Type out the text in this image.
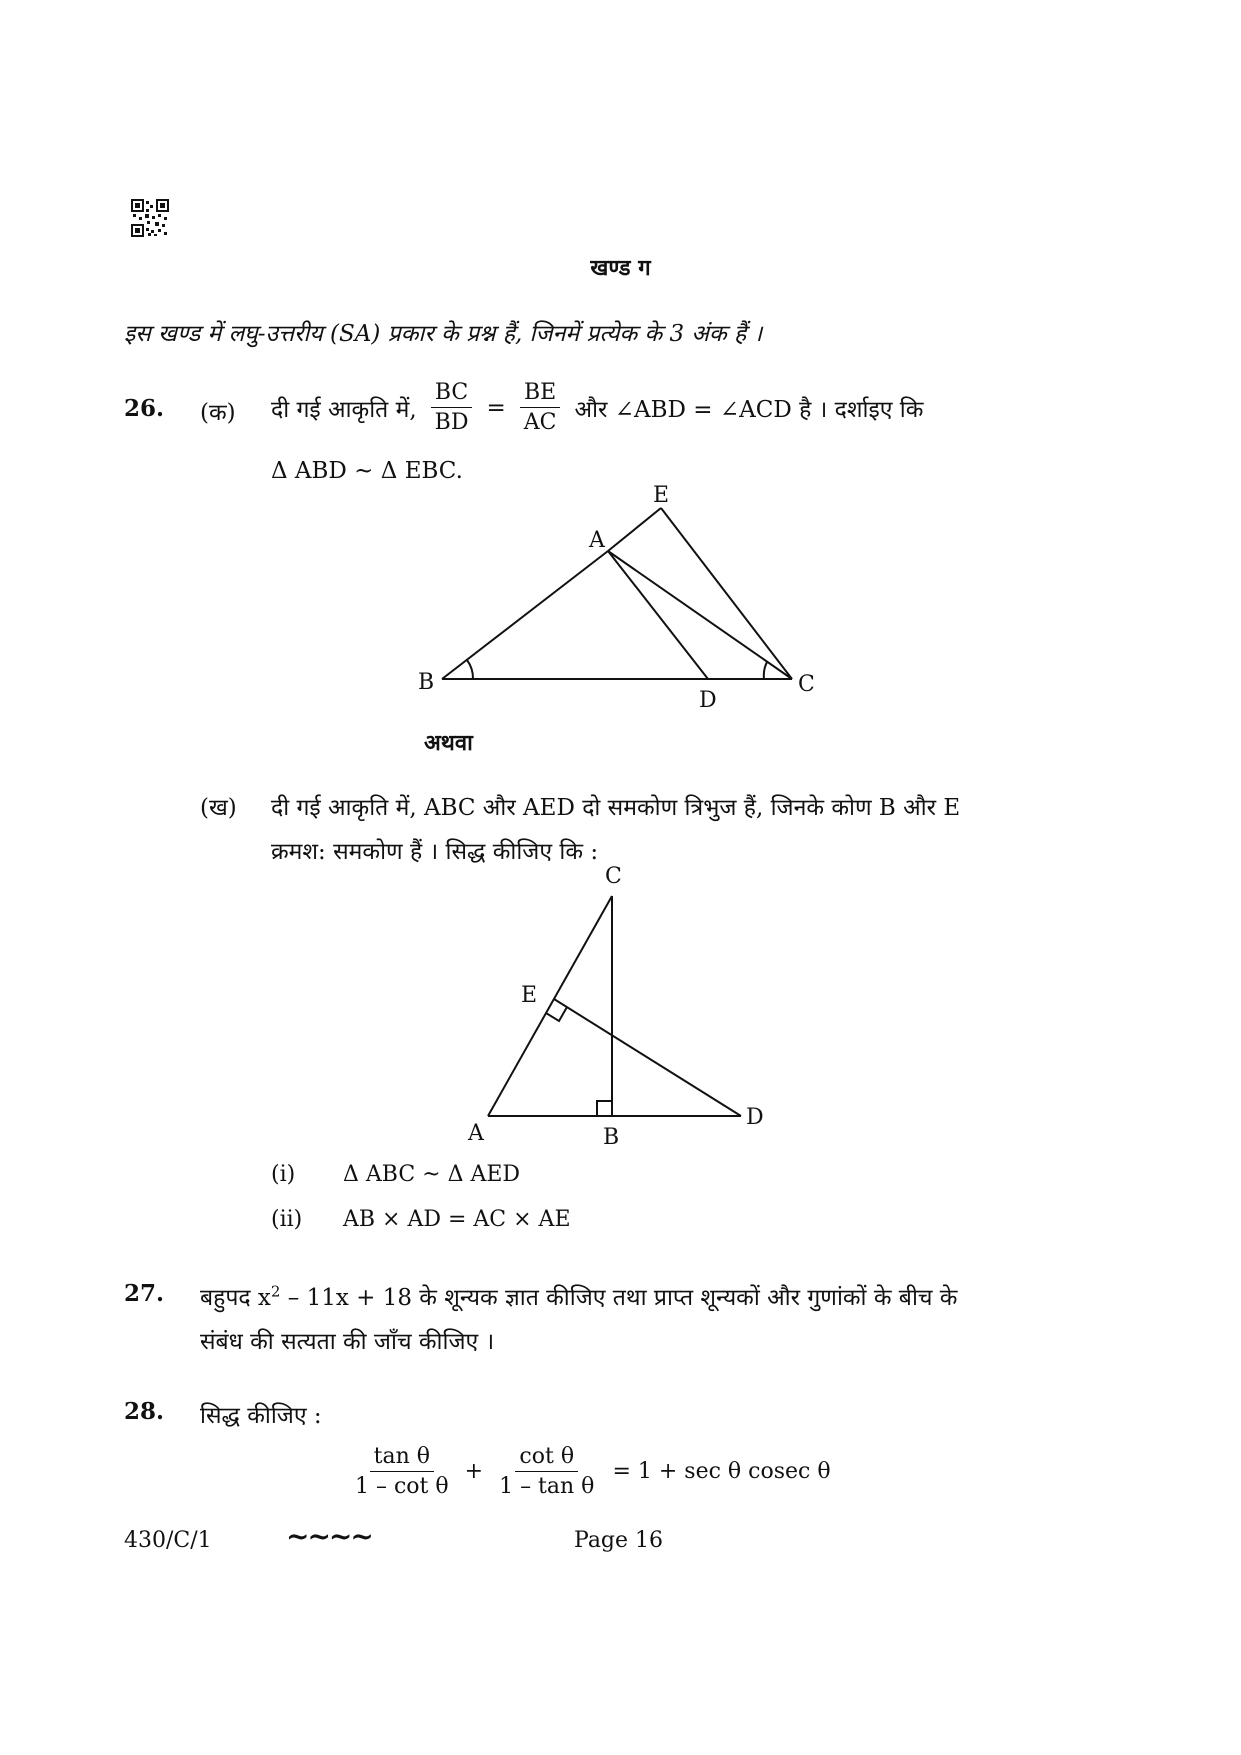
खण्ड ग
इस खण्ड में लघु-उत्तरीय (SA) प्रकार के प्रश्न हैं, जिनमें प्रत्येक के 3 अंक हैं ।
26. (क) दी गई आकृति में, $\frac{BC}{BD} = \frac{BE}{AC}$ और ∠ABD = ∠ACD है । दर्शाइए कि
Δ ABD ~ Δ EBC.
E
A
B
D
C
अथवा
(ख) दी गई आकृति में, ABC और AED दो समकोण त्रिभुज हैं, जिनके कोण B और E
क्रमश: समकोण हैं । सिद्ध कीजिए कि :
C
E
A	B
D
(i) Δ ABC ~ Δ AED
(ii) AB × AD = AC × AE
27. बहुपद $x^2 - 11x + 18$ के शून्यक ज्ञात कीजिए तथा प्राप्त शून्यकों और गुणांकों के बीच के
संबंध की सत्यता की जाँच कीजिए ।
28. सिद्ध कीजिए :
$\frac{\text{tan θ}}{\text{1 – cot θ}} + \frac{\text{cot θ}}{\text{1 – tan θ}} = 1 + \sec \theta$ cosec θ
430/C/1	~~~~	Page 16
